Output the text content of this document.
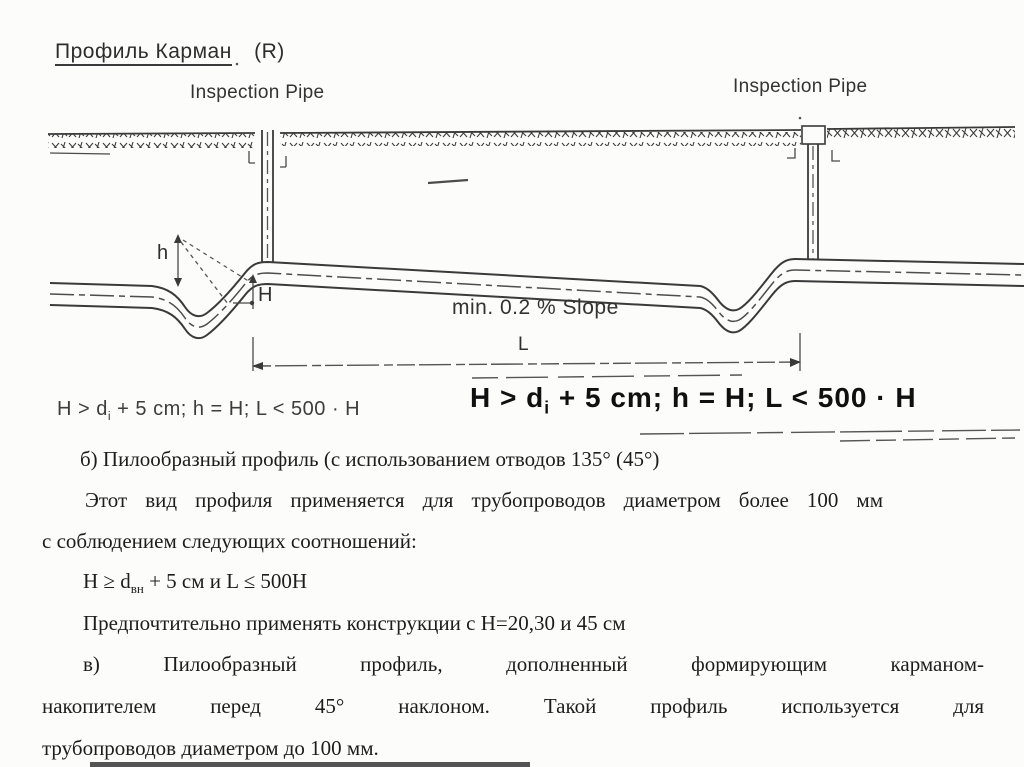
Профиль Карман (R)
Inspection Pipe	Inspection Pipe
h
H
L
min. 0.2 % Slope
$H > d_i + 5$ cm; h = H; L < 500 · H	$H > d_i + 5$ cm; h = H; L < 500 · H
б) Пилообразный профиль (с использованием отводов 135° (45°)
Этот вид профиля применяется для трубопроводов диаметром более 100 мм
с соблюдением следующих соотношений:
$H \ge d_{вн} + 5$ см и L ≤ 500H
Предпочтительно применять конструкции с Н=20,30 и 45 см
в) Пилообразный профиль, дополненный формирующим карманом-
накопителем перед 45° наклоном. Такой профиль используется для
трубопроводов диаметром до 100 мм.
